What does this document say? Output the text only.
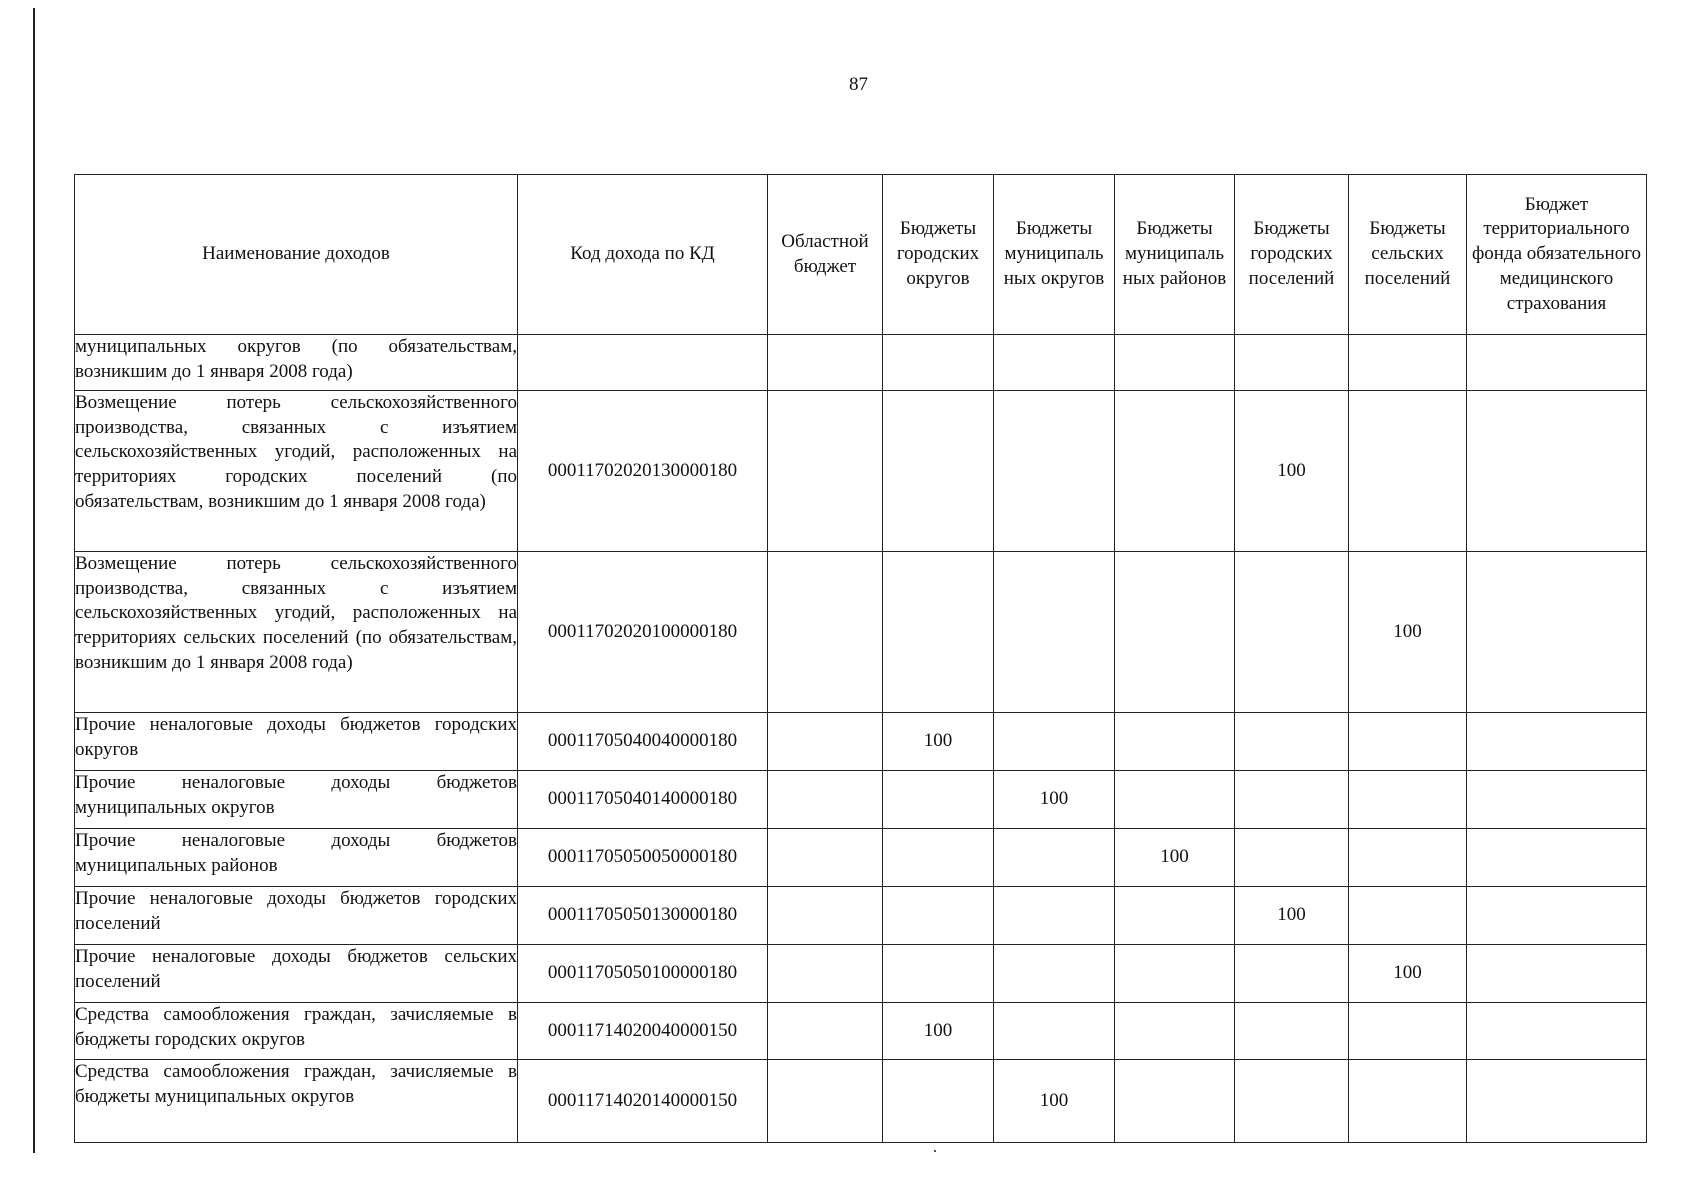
87
Наименование доходов	Код дохода по КД	Областной бюджет	Бюджеты городских округов	Бюджеты муниципаль ных округов	Бюджеты муниципаль ных районов	Бюджеты городских поселений	Бюджеты сельских поселений	Бюджет территориального фонда обязательного медицинского страхования
муниципальных округов (по обязательствам, возникшим до 1 января 2008 года)								
Возмещение потерь сельскохозяйственного производства, связанных с изъятием сельскохозяйственных угодий, расположенных на территориях городских поселений (по обязательствам, возникшим до 1 января 2008 года)	00011702020130000180					100		
Возмещение потерь сельскохозяйственного производства, связанных с изъятием сельскохозяйственных угодий, расположенных на территориях сельских поселений (по обязательствам, возникшим до 1 января 2008 года)	00011702020100000180						100	
Прочие неналоговые доходы бюджетов городских округов	00011705040040000180		100					
Прочие неналоговые доходы бюджетов муниципальных округов	00011705040140000180			100				
Прочие неналоговые доходы бюджетов муниципальных районов	00011705050050000180				100			
Прочие неналоговые доходы бюджетов городских поселений	00011705050130000180					100		
Прочие неналоговые доходы бюджетов сельских поселений	00011705050100000180						100	
Средства самообложения граждан, зачисляемые в бюджеты городских округов	00011714020040000150		100					
Средства самообложения граждан, зачисляемые в бюджеты муниципальных округов	00011714020140000150			100				
